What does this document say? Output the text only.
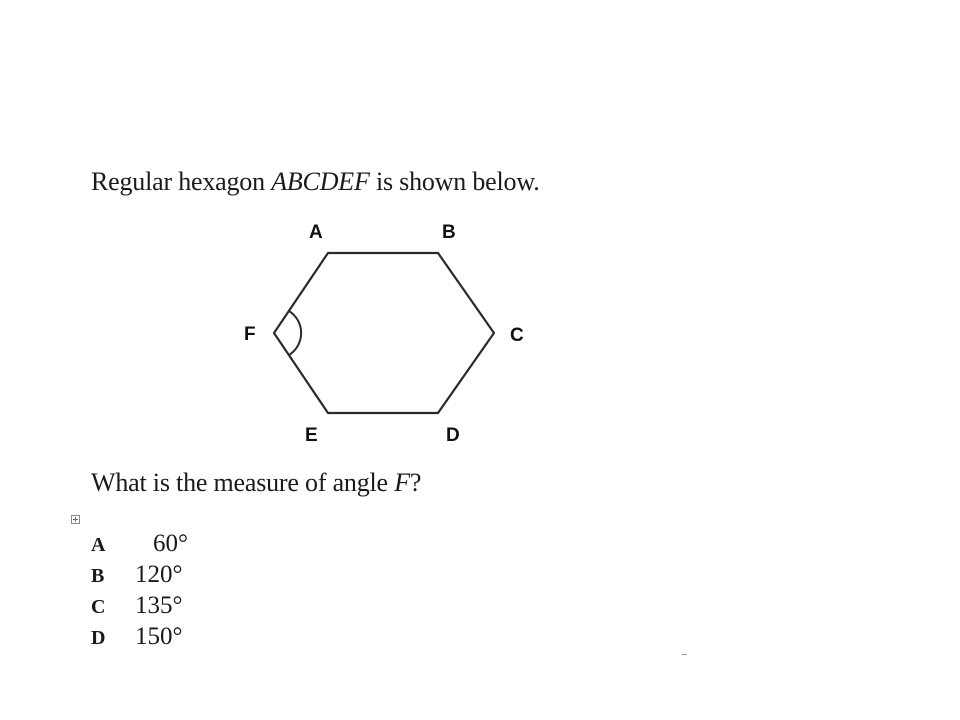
Regular hexagon ABCDEF is shown below.
A	B
C
D
E
F
What is the measure of angle F?
A 60°
B 120°
C 135°
D 150°
